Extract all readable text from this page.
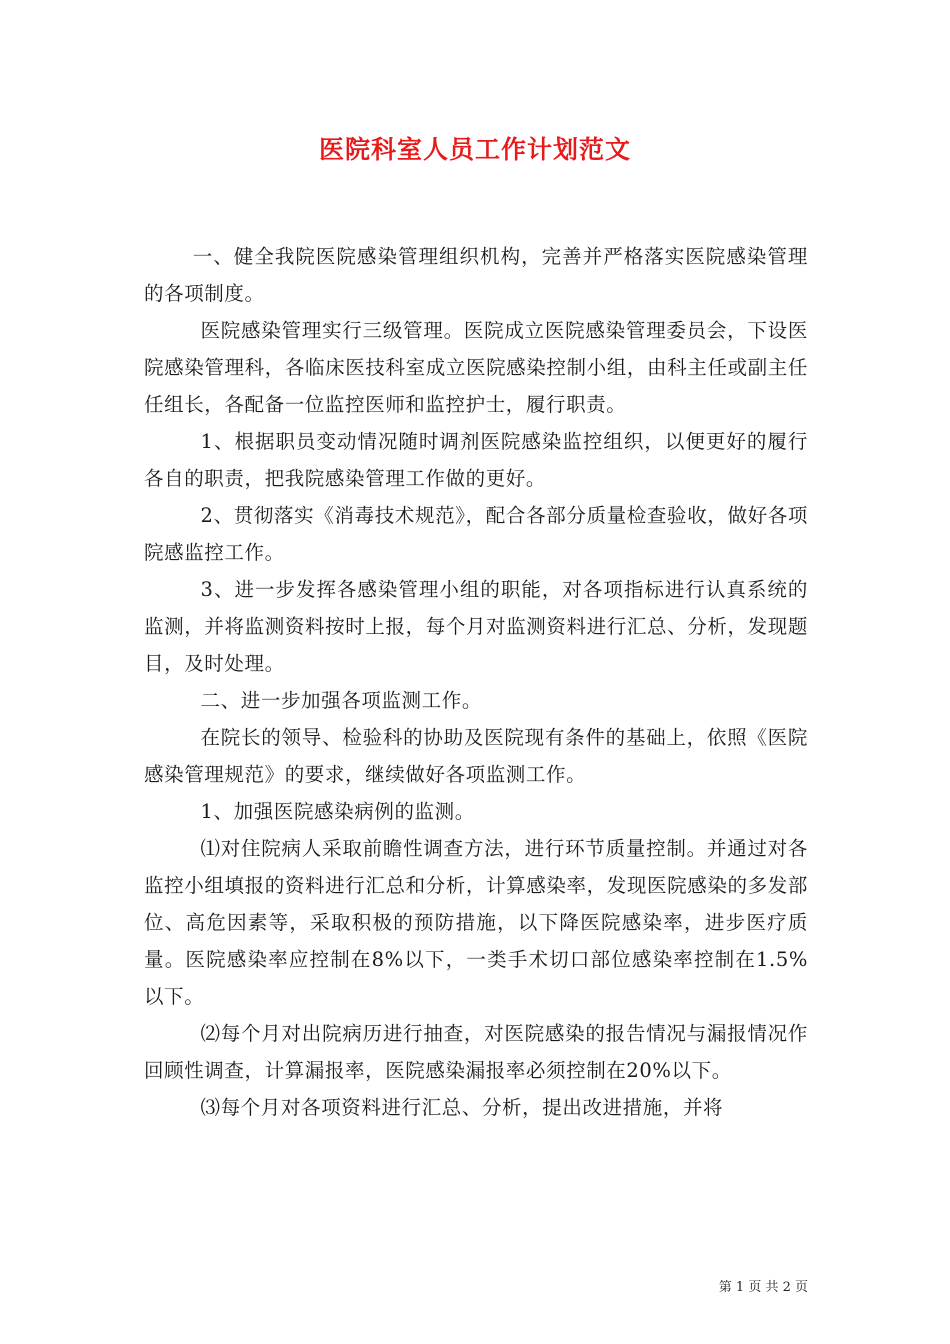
医院科室人员工作计划范文

一、健全我院医院感染管理组织机构，完善并严格落实医院感染管理的各项制度。

医院感染管理实行三级管理。医院成立医院感染管理委员会，下设医院感染管理科，各临床医技科室成立医院感染控制小组，由科主任或副主任任组长，各配备一位监控医师和监控护士，履行职责。

1、根据职员变动情况随时调剂医院感染监控组织，以便更好的履行各自的职责，把我院感染管理工作做的更好。

2、贯彻落实《消毒技术规范》，配合各部分质量检查验收，做好各项院感监控工作。

3、进一步发挥各感染管理小组的职能，对各项指标进行认真系统的监测，并将监测资料按时上报，每个月对监测资料进行汇总、分析，发现题目，及时处理。

二、进一步加强各项监测工作。

在院长的领导、检验科的协助及医院现有条件的基础上，依照《医院感染管理规范》的要求，继续做好各项监测工作。

1、加强医院感染病例的监测。

⑴对住院病人采取前瞻性调查方法，进行环节质量控制。并通过对各监控小组填报的资料进行汇总和分析，计算感染率，发现医院感染的多发部位、高危因素等，采取积极的预防措施，以下降医院感染率，进步医疗质量。医院感染率应控制在8%以下，一类手术切口部位感染率控制在1.5%以下。

⑵每个月对出院病历进行抽查，对医院感染的报告情况与漏报情况作回顾性调查，计算漏报率，医院感染漏报率必须控制在20%以下。

⑶每个月对各项资料进行汇总、分析，提出改进措施，并将

第 1 页 共 2 页
